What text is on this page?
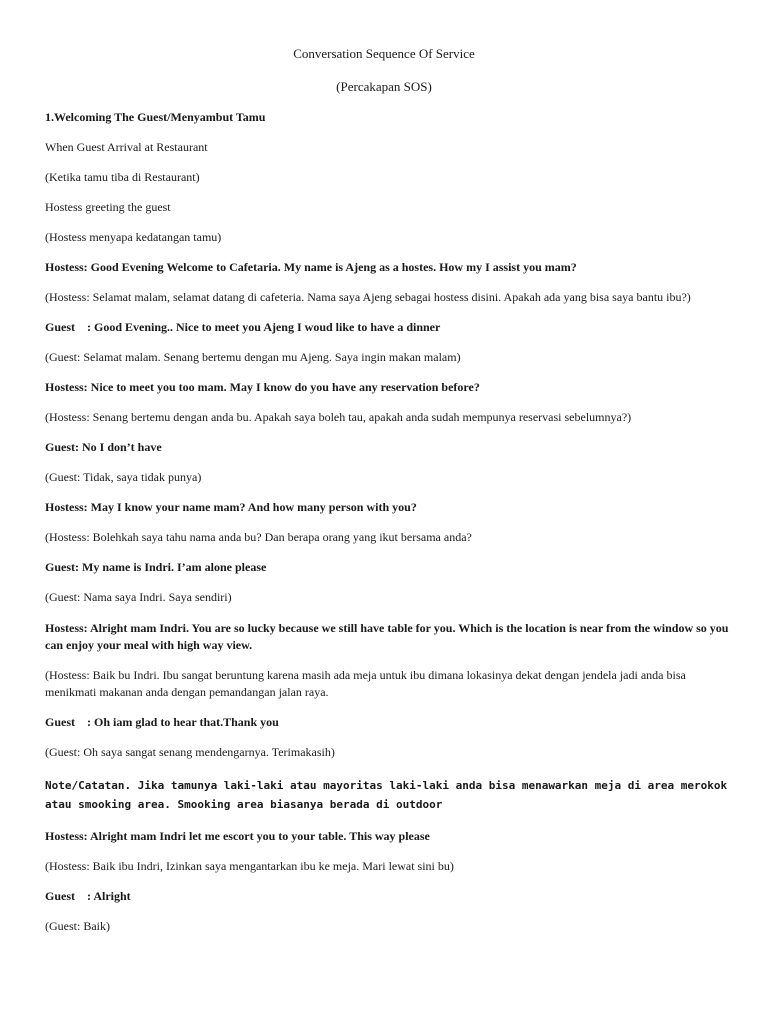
Conversation Sequence Of Service
(Percakapan SOS)
1.Welcoming The Guest/Menyambut Tamu
When Guest Arrival at Restaurant
(Ketika tamu tiba di Restaurant)
Hostess greeting the guest
(Hostess menyapa kedatangan tamu)
Hostess: Good Evening Welcome to Cafetaria. My name is Ajeng as a hostes. How my I assist you mam?
(Hostess: Selamat malam, selamat datang di cafeteria. Nama saya Ajeng sebagai hostess disini. Apakah ada yang bisa saya bantu ibu?)
Guest    : Good Evening.. Nice to meet you Ajeng I woud like to have a dinner
(Guest: Selamat malam. Senang bertemu dengan mu Ajeng. Saya ingin makan malam)
Hostess: Nice to meet you too mam. May I know do you have any reservation before?
(Hostess: Senang bertemu dengan anda bu. Apakah saya boleh tau, apakah anda sudah mempunya reservasi sebelumnya?)
Guest: No I don’t have
(Guest: Tidak, saya tidak punya)
Hostess: May I know your name mam? And how many person with you?
(Hostess: Bolehkah saya tahu nama anda bu? Dan berapa orang yang ikut bersama anda?
Guest: My name is Indri. I’am alone please
(Guest: Nama saya Indri. Saya sendiri)
Hostess: Alright mam Indri. You are so lucky because we still have table for you. Which is the location is near from the window so you can enjoy your meal with high way view.
(Hostess: Baik bu Indri. Ibu sangat beruntung karena masih ada meja untuk ibu dimana lokasinya dekat dengan jendela jadi anda bisa menikmati makanan anda dengan pemandangan jalan raya.
Guest    : Oh iam glad to hear that.Thank you
(Guest: Oh saya sangat senang mendengarnya. Terimakasih)
Note/Catatan. Jika tamunya laki-laki atau mayoritas laki-laki anda bisa menawarkan meja di area merokok atau smooking area. Smooking area biasanya berada di outdoor
Hostess: Alright mam Indri let me escort you to your table. This way please
(Hostess: Baik ibu Indri, Izinkan saya mengantarkan ibu ke meja. Mari lewat sini bu)
Guest    : Alright
(Guest: Baik)
